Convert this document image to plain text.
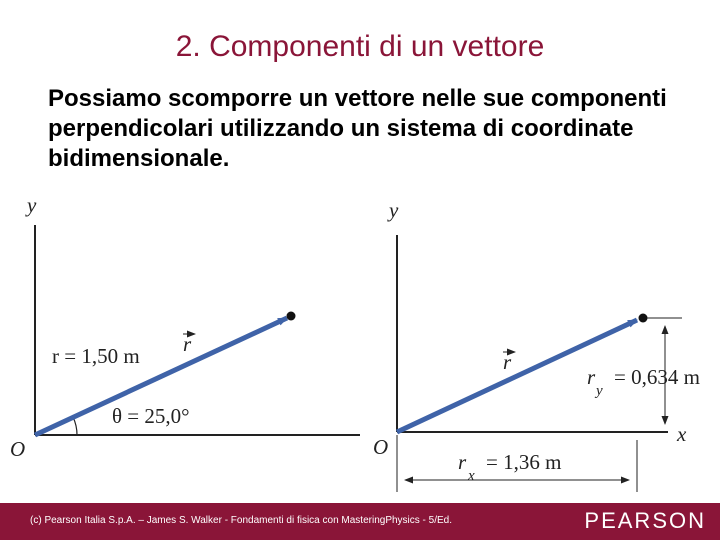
2. Componenti di un vettore
Possiamo scomporre un vettore nelle sue componenti perpendicolari utilizzando un sistema di coordinate bidimensionale.
y
O
r
r = 1,50 m
θ = 25,0°
y
x
O
r
r
y
= 0,634 m
r
x
= 1,36 m
(c) Pearson Italia S.p.A. – James S. Walker - Fondamenti di fisica con MasteringPhysics - 5/Ed.	PEARSON
